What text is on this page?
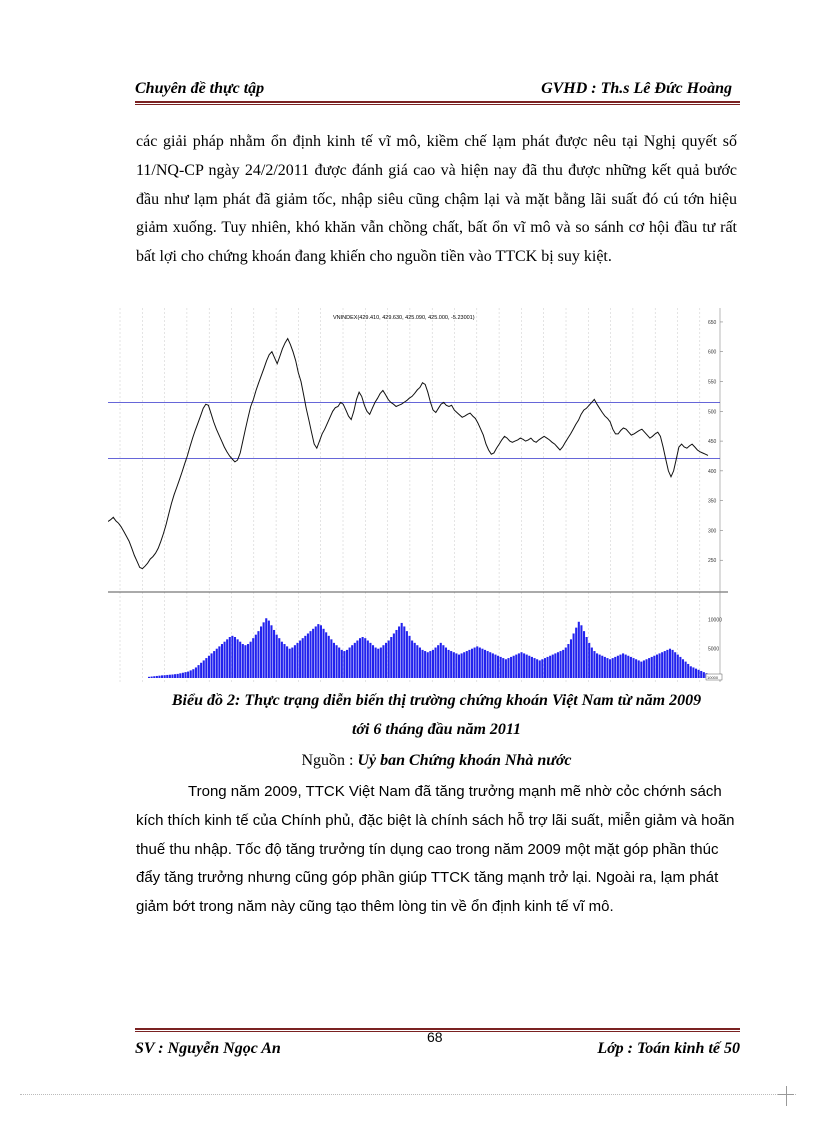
Chuyên đề thực tập	GVHD : Th.s Lê Đức Hoàng
các giải pháp nhằm ổn định kinh tế vĩ mô, kiềm chế lạm phát được nêu tại Nghị quyết số 11/NQ-CP ngày 24/2/2011 được đánh giá cao và hiện nay đã thu được những kết quả bước đầu như lạm phát đã giảm tốc, nhập siêu cũng chậm lại và mặt bằng lãi suất đó cú tớn hiệu giảm xuống. Tuy nhiên, khó khăn vẫn chồng chất, bất ổn vĩ mô và so sánh cơ hội đầu tư rất bất lợi cho chứng khoán đang khiến cho nguồn tiền vào TTCK bị suy kiệt.
250
300
350
400
450
500
550
600
650
VNINDEX(429.410, 429.630, 425.090, 425.000, -5.23001)
5000
10000
10000
Biểu đồ 2: Thực trạng diễn biến thị trường chứng khoán Việt Nam từ năm 2009
tới 6 tháng đầu năm 2011
Nguồn : Uỷ ban Chứng khoán Nhà nước
Trong năm 2009, TTCK Việt Nam đã tăng trưởng mạnh mẽ nhờ cỏc chớnh sách kích thích kinh tế của Chính phủ, đặc biệt là chính sách hỗ trợ lãi suất, miễn giảm và hoãn thuế thu nhập. Tốc độ tăng trưởng tín dụng cao trong năm 2009 một mặt góp phần thúc đẩy tăng trưởng nhưng cũng góp phần giúp TTCK tăng mạnh trở lại. Ngoài ra, lạm phát giảm bớt trong năm này cũng tạo thêm lòng tin về ổn định kinh tế vĩ mô.
SV : Nguyễn Ngọc An
68
Lớp : Toán kinh tế 50
